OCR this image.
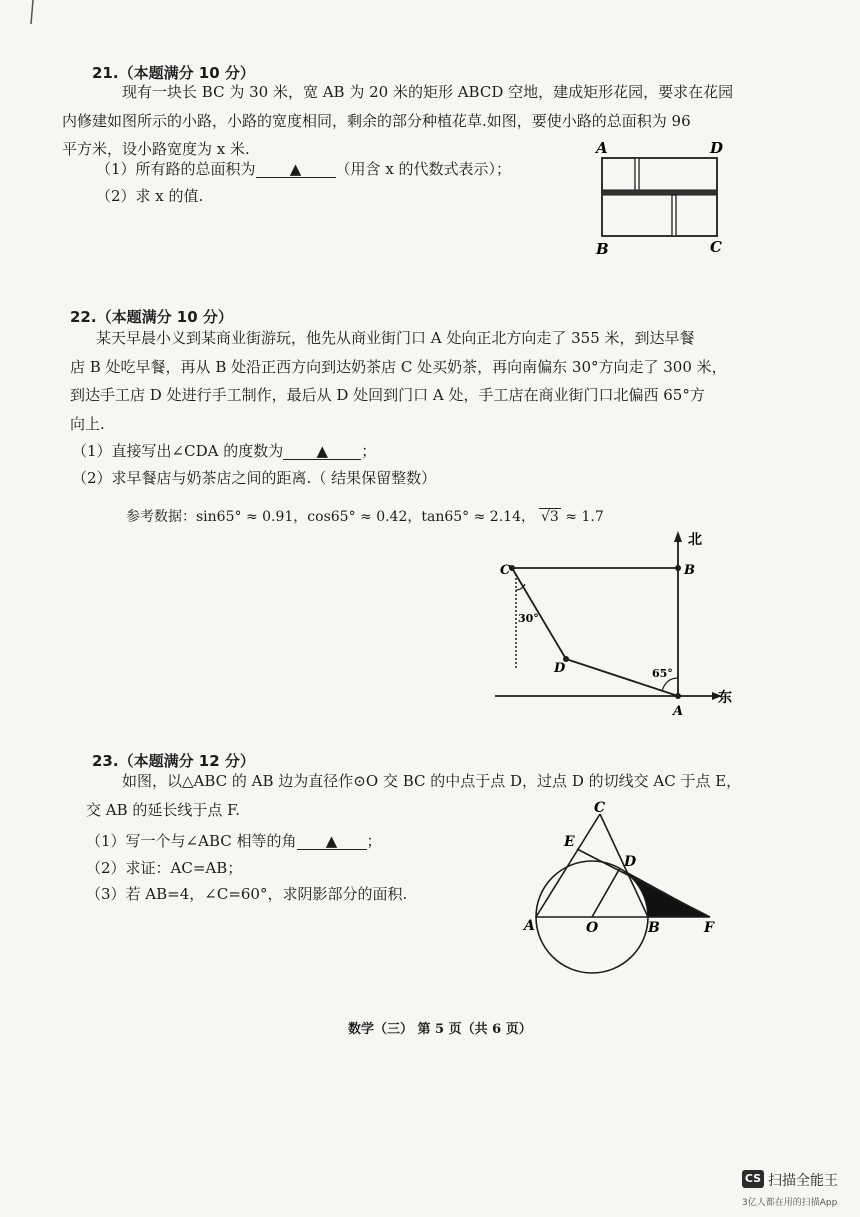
21.（本题满分 10 分）
现有一块长 BC 为 30 米，宽 AB 为 20 米的矩形 ABCD 空地，建成矩形花园，要求在花园
内修建如图所示的小路，小路的宽度相同，剩余的部分种植花草.如图，要使小路的总面积为 96
平方米，设小路宽度为 x 米.
（1）所有路的总面积为 ▲ （用含 x 的代数式表示）；
（2）求 x 的值.
A	D
B	C
22.（本题满分 10 分）
某天早晨小义到某商业街游玩，他先从商业街门口 A 处向正北方向走了 355 米，到达早餐
店 B 处吃早餐，再从 B 处沿正西方向到达奶茶店 C 处买奶茶，再向南偏东 30°方向走了 300 米，
到达手工店 D 处进行手工制作，最后从 D 处回到门口 A 处，手工店在商业街门口北偏西 65°方
向上.
（1）直接写出∠CDA 的度数为 ▲ ；
（2）求早餐店与奶茶店之间的距离.（ 结果保留整数）
参考数据：sin65° ≈ 0.91，cos65° ≈ 0.42，tan65° ≈ 2.14， √3 ≈ 1.7
北
东
C	B
D
A
30°
65°
23.（本题满分 12 分）
如图，以△ABC 的 AB 边为直径作⊙O 交 BC 的中点于点 D，过点 D 的切线交 AC 于点 E，
交 AB 的延长线于点 F.
（1）写一个与∠ABC 相等的角 ▲ ；
（2）求证：AC=AB；
（3）若 AB=4，∠C=60°，求阴影部分的面积.
C
E
D
A	O	B	F
数学（三） 第 5 页（共 6 页）
CS 扫描全能王
3亿人都在用的扫描App
